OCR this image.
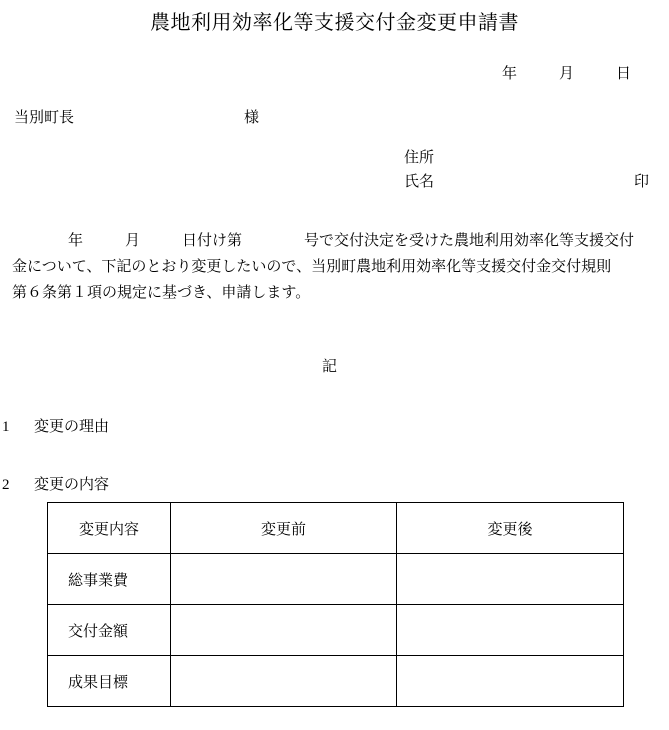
農地利用効率化等支援交付金変更申請書
年	月	日
当別町長	様
住所
氏名	印
年	月	日付け第	号で交付決定を受けた農地利用効率化等支援交付
金について、下記のとおり変更したいので、当別町農地利用効率化等支援交付金交付規則
第６条第１項の規定に基づき、申請します。
記
1 変更の理由
2 変更の内容
変更内容	変更前	変更後
総事業費		
交付金額		
成果目標		
